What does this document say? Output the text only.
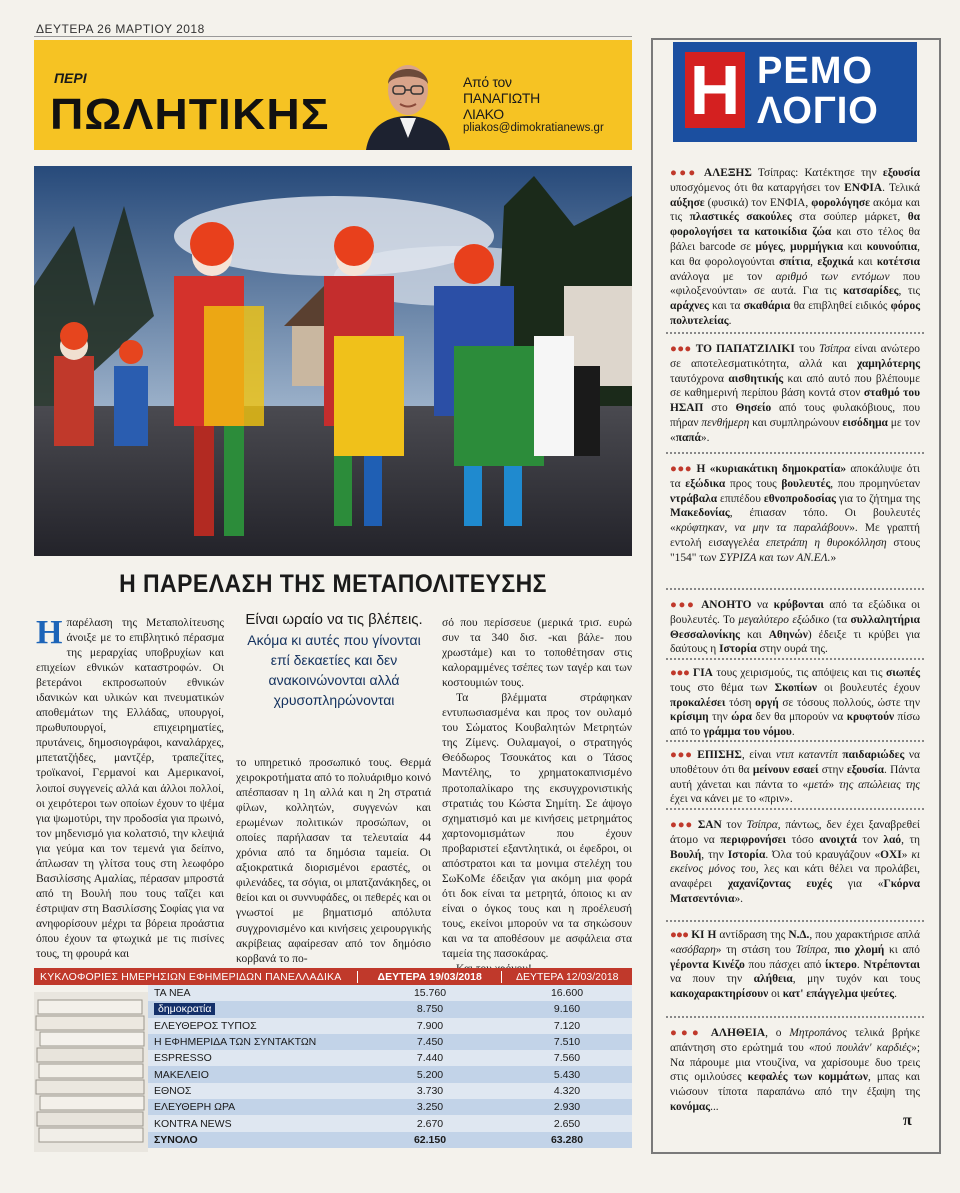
ΔΕΥΤΕΡΑ 26 ΜΑΡΤΙΟΥ 2018
ΠΕΡΙ
ΠΩΛΗΤΙΚΗΣ
Από τον
ΠΑΝΑΓΙΩΤΗ
ΛΙΑΚΟ
pliakos@dimokratianews.gr
Η ΠΑΡΕΛΑΣΗ ΤΗΣ ΜΕΤΑΠΟΛΙΤΕΥΣΗΣ
Η παρέλαση της Μεταπολίτευσης άνοιξε με το επιβλητικό πέρασμα της μεραρχίας υποβρυχίων και επιχείων εθνικών καταστροφών. Οι βετεράνοι εκπροσωπούν εθνικών ιδανικών και υλικών και πνευματικών αποθεμάτων της Ελλάδας, υπουργοί, πρωθυπουργοί, επιχειρηματίες, πρυτάνεις, δημοσιογράφοι, καναλάρχες, μπετατζήδες, μαντζέρ, τραπεζίτες, τροϊκανοί, Γερμανοί και Αμερικανοί, λοιποί συγγενείς αλλά και άλλοι πολλοί, οι χειρότεροι των οποίων έχουν το ψέμα για ψωμοτύρι, την προδοσία για πρωινό, τον μηδενισμό για κολατσιό, την κλεψιά για γεύμα και τον τεμενά για δείπνο, άπλωσαν τη γλίτσα τους στη λεωφόρο Βασιλίσσης Αμαλίας, πέρασαν μπροστά από τη Βουλή που τους ταΐζει και έστριψαν στη Βασιλίσσης Σοφίας για να ανηφορίσουν μέχρι τα βόρεια προάστια όπου έχουν τα φτωχικά με τις πισίνες τους, τη φρουρά και
Είναι ωραίο να τις βλέπεις.
Ακόμα κι αυτές που γίνονται επί δεκαετίες και δεν ανακοινώνονται αλλά χρυσοπληρώνονται

το υπηρετικό προσωπικό τους. Θερμά χειροκροτήματα από το πολυάριθμο κοινό απέσπασαν η 1η αλλά και η 2η στρατιά φίλων, κολλητών, συγγενών και ερωμένων πολιτικών προσώπων, οι οποίες παρήλασαν τα τελευταία 44 χρόνια από τα δημόσια ταμεία. Οι αξιοκρατικά διορισμένοι εραστές, οι φιλενάδες, τα σόγια, οι μπατζανάκηδες, οι θείοι και οι συννυφάδες, οι πεθερές και οι γνωστοί με βηματισμό απόλυτα συγχρονισμένο και κινήσεις χειρουργικής ακρίβειας αφαίρεσαν από τον δημόσιο κορβανά το πο-

σό που περίσσευε (μερικά τρισ. ευρώ συν τα 340 δισ. -και βάλε- που χρωστάμε) και το τοποθέτησαν στις καλοραμμένες τσέπες των ταγέρ και των κοστουμιών τους.

Τα βλέμματα στράφηκαν εντυπωσιασμένα και προς τον ουλαμό του Σώματος Κουβαλητών Μετρητών της Ζίμενς. Ουλαμαγοί, ο στρατηγός Θεόδωρος Τσουκάτος και ο Τάσος Μαντέλης, το χρηματοκαπνισμένο προτοπαλίκαρο της εκσυγχρονιστικής στρατιάς του Κώστα Σημίτη. Σε άψογο σχηματισμό και με κινήσεις μετρημάτος χαρτονομισμάτων που έχουν προβαριστεί εξαντλητικά, οι έφεδροι, οι απόστρατοι και τα μονιμα στελέχη του ΣωΚοΜε έδειξαν για ακόμη μια φορά ότι δοκ είναι τα μετρητά, όποιος κι αν είναι ο όγκος τους και η προέλευσή τους, εκείνοι μπορούν να τα σηκώσουν και να τα αποθέσουν με ασφάλεια στα ταμεία της πασοκάρας.

ΚΥΚΛΟΦΟΡΙΕΣ ΗΜΕΡΗΣΙΩΝ ΕΦΗΜΕΡΙΔΩΝ ΠΑΝΕΛΛΑΔΙΚΑ	ΔΕΥΤΕΡΑ 19/03/2018	ΔΕΥΤΕΡΑ 12/03/2018
ΤΑ ΝΕΑ	15.760	16.600
δημοκρατία	8.750	9.160
ΕΛΕΥΘΕΡΟΣ ΤΥΠΟΣ	7.900	7.120
Η ΕΦΗΜΕΡΙΔΑ ΤΩΝ ΣΥΝΤΑΚΤΩΝ	7.450	7.510
ESPRESSO	7.440	7.560
ΜΑΚΕΛΕΙΟ	5.200	5.430
ΕΘΝΟΣ	3.730	4.320
ΕΛΕΥΘΕΡΗ ΩΡΑ	3.250	2.930
KONTRA NEWS	2.670	2.650
ΣΥΝΟΛΟ	62.150	63.280
Η ΡΕΜΟ
ΛΟΓΙΟ
●●● ΑΛΕΞΗΣ Τσίπρας: Κατέκτησε την εξουσία υποσχόμενος ότι θα καταργήσει τον ΕΝΦΙΑ. Τελικά αύξησε (φυσικά) τον ΕΝΦΙΑ, φορολόγησε ακόμα και τις πλαστικές σακούλες στα σούπερ μάρκετ, θα φορολογήσει τα κατοικίδια ζώα και στο τέλος θα βάλει barcode σε μύγες, μυρμήγκια και κουνούπια, και θα φορολογούνται σπίτια, εξοχικά και κοτέτσια ανάλογα με τον αριθμό των εντόμων που «φιλοξενούνται» σε αυτά. Για τις κατσαρίδες, τις αράχνες και τα σκαθάρια θα επιβληθεί ειδικός φόρος πολυτελείας.
●●● ΤΟ ΠΑΠΑΤΖΙΛΙΚΙ του Τσίπρα είναι ανώτερο σε αποτελεσματικότητα, αλλά και χαμηλότερης ταυτόχρονα αισθητικής και από αυτό που βλέπουμε σε καθημερινή περίπου βάση κοντά στον σταθμό του ΗΣΑΠ στο Θησείο από τους φυλακόβιους, που πήραν πενθήμερη και συμπληρώνουν εισόδημα με τον «παπά».
●●● Η «κυριακάτικη δημοκρατία» αποκάλυψε ότι τα εξώδικα προς τους βουλευτές, που προμηνύεταν ντράβαλα επιπέδου εθνοπροδοσίας για το ζήτημα της Μακεδονίας, έπιασαν τόπο. Οι βουλευτές «κρύφτηκαν, να μην τα παραλάβουν». Με γραπτή εντολή εισαγγελέα επετράπη η θυροκόλληση στους "154" των ΣΥΡΙΖΑ και των ΑΝ.ΕΛ.»
●●● ΑΝΟΗΤΟ να κρύβονται από τα εξώδικα οι βουλευτές. Το μεγαλύτερο εξώδικο (τα συλλαλητήρια Θεσσαλονίκης και Αθηνών) έδειξε τι κρύβει για δαύτους η Ιστορία στην ουρά της.
●●● ΓΙΑ τους χειρισμούς, τις απόψεις και τις σιωπές τους στο θέμα των Σκοπίων οι βουλευτές έχουν προκαλέσει τόση οργή σε τόσους πολλούς, ώστε την κρίσιμη την ώρα δεν θα μπορούν να κρυφτούν πίσω από το γράμμα του νόμου.
●●● ΕΠΙΣΗΣ, είναι ντιπ καταντίπ παιδαριώδες να υποθέτουν ότι θα μείνουν εσαεί στην εξουσία. Πάντα αυτή χάνεται και πάντα το «μετά» της απώλειας της έχει να κάνει με το «πριν».
●●● ΣΑΝ τον Τσίπρα, πάντως, δεν έχει ξαναβρεθεί άτομο να περιφρονήσει τόσο ανοιχτά τον λαό, τη Βουλή, την Ιστορία. Όλα τού κραυγάζουν «ΟΧΙ» κι εκείνος μόνος του, λες και κάτι θέλει να προλάβει, αναφέρει χαχανίζοντας ευχές για «Γκόρνα Ματσεντόνια».
●●● ΚΙ Η αντίδραση της Ν.Δ., που χαρακτήρισε απλά «ασόβαρη» τη στάση του Τσίπρα, πιο χλομή κι από γέροντα Κινέζο που πάσχει από ίκτερο. Ντρέπονται να πουν την αλήθεια, μην τυχόν και τους κακοχαρακτηρίσουν οι κατ' επάγγελμα ψεύτες.
●●● ΑΛΗΘΕΙΑ, ο Μητροπάνος τελικά βρήκε απάντηση στο ερώτημά του «πού πουλάν' καρδιές»; Να πάρουμε μια ντουζίνα, να χαρίσουμε δυο τρεις στις ομιλούσες κεφαλές των κομμάτων, μπας και νιώσουν τίποτα παραπάνω από την έξαψη της κονόμας...
π
